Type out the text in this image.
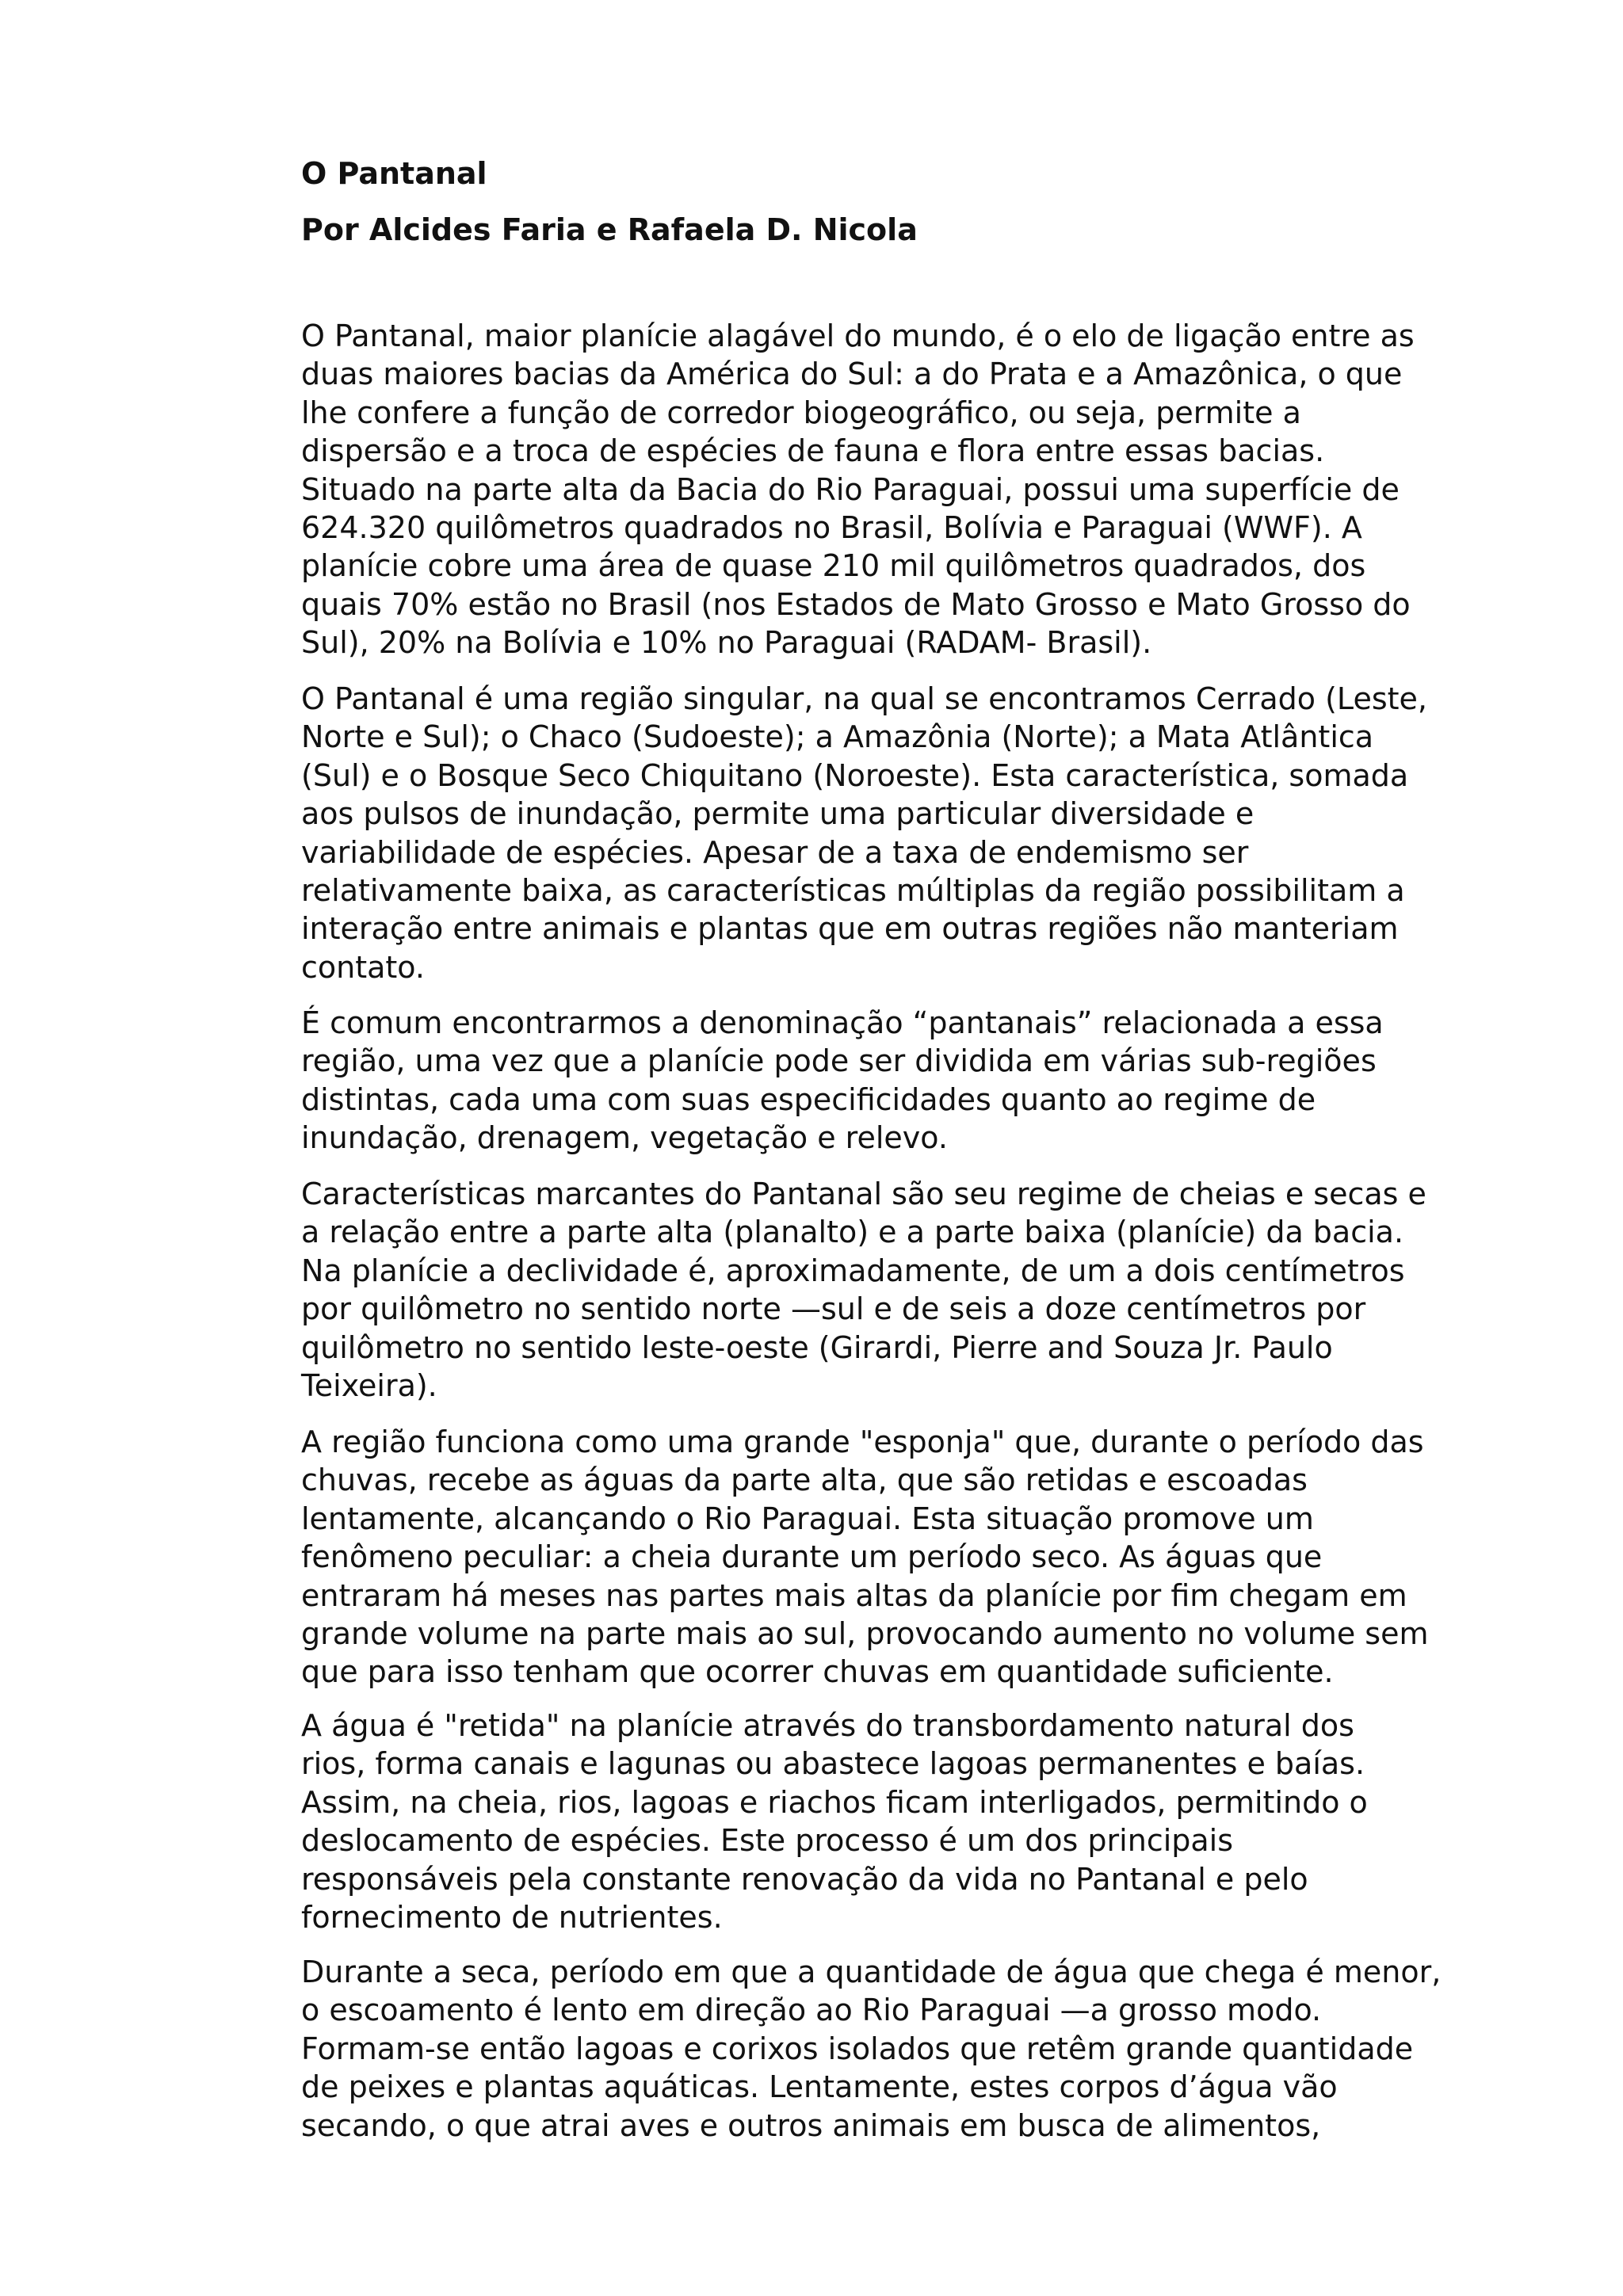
O Pantanal
Por Alcides Faria e Rafaela D. Nicola

O Pantanal, maior planície alagável do mundo, é o elo de ligação entre as
duas maiores bacias da América do Sul: a do Prata e a Amazônica, o que
lhe confere a função de corredor biogeográfico, ou seja, permite a
dispersão e a troca de espécies de fauna e flora entre essas bacias.
Situado na parte alta da Bacia do Rio Paraguai, possui uma superfície de
624.320 quilômetros quadrados no Brasil, Bolívia e Paraguai (WWF). A
planície cobre uma área de quase 210 mil quilômetros quadrados, dos
quais 70% estão no Brasil (nos Estados de Mato Grosso e Mato Grosso do
Sul), 20% na Bolívia e 10% no Paraguai (RADAM- Brasil).

O Pantanal é uma região singular, na qual se encontramos Cerrado (Leste,
Norte e Sul); o Chaco (Sudoeste); a Amazônia (Norte); a Mata Atlântica
(Sul) e o Bosque Seco Chiquitano (Noroeste). Esta característica, somada
aos pulsos de inundação, permite uma particular diversidade e
variabilidade de espécies. Apesar de a taxa de endemismo ser
relativamente baixa, as características múltiplas da região possibilitam a
interação entre animais e plantas que em outras regiões não manteriam
contato.

É comum encontrarmos a denominação “pantanais” relacionada a essa
região, uma vez que a planície pode ser dividida em várias sub-regiões
distintas, cada uma com suas especificidades quanto ao regime de
inundação, drenagem, vegetação e relevo.

Características marcantes do Pantanal são seu regime de cheias e secas e
a relação entre a parte alta (planalto) e a parte baixa (planície) da bacia.
Na planície a declividade é, aproximadamente, de um a dois centímetros
por quilômetro no sentido norte —sul e de seis a doze centímetros por
quilômetro no sentido leste-oeste (Girardi, Pierre and Souza Jr. Paulo
Teixeira).

A região funciona como uma grande "esponja" que, durante o período das
chuvas, recebe as águas da parte alta, que são retidas e escoadas
lentamente, alcançando o Rio Paraguai. Esta situação promove um
fenômeno peculiar: a cheia durante um período seco. As águas que
entraram há meses nas partes mais altas da planície por fim chegam em
grande volume na parte mais ao sul, provocando aumento no volume sem
que para isso tenham que ocorrer chuvas em quantidade suficiente.

A água é "retida" na planície através do transbordamento natural dos
rios, forma canais e lagunas ou abastece lagoas permanentes e baías.
Assim, na cheia, rios, lagoas e riachos ficam interligados, permitindo o
deslocamento de espécies. Este processo é um dos principais
responsáveis pela constante renovação da vida no Pantanal e pelo
fornecimento de nutrientes.

Durante a seca, período em que a quantidade de água que chega é menor,
o escoamento é lento em direção ao Rio Paraguai —a grosso modo.
Formam-se então lagoas e corixos isolados que retêm grande quantidade
de peixes e plantas aquáticas. Lentamente, estes corpos d’água vão
secando, o que atrai aves e outros animais em busca de alimentos,
